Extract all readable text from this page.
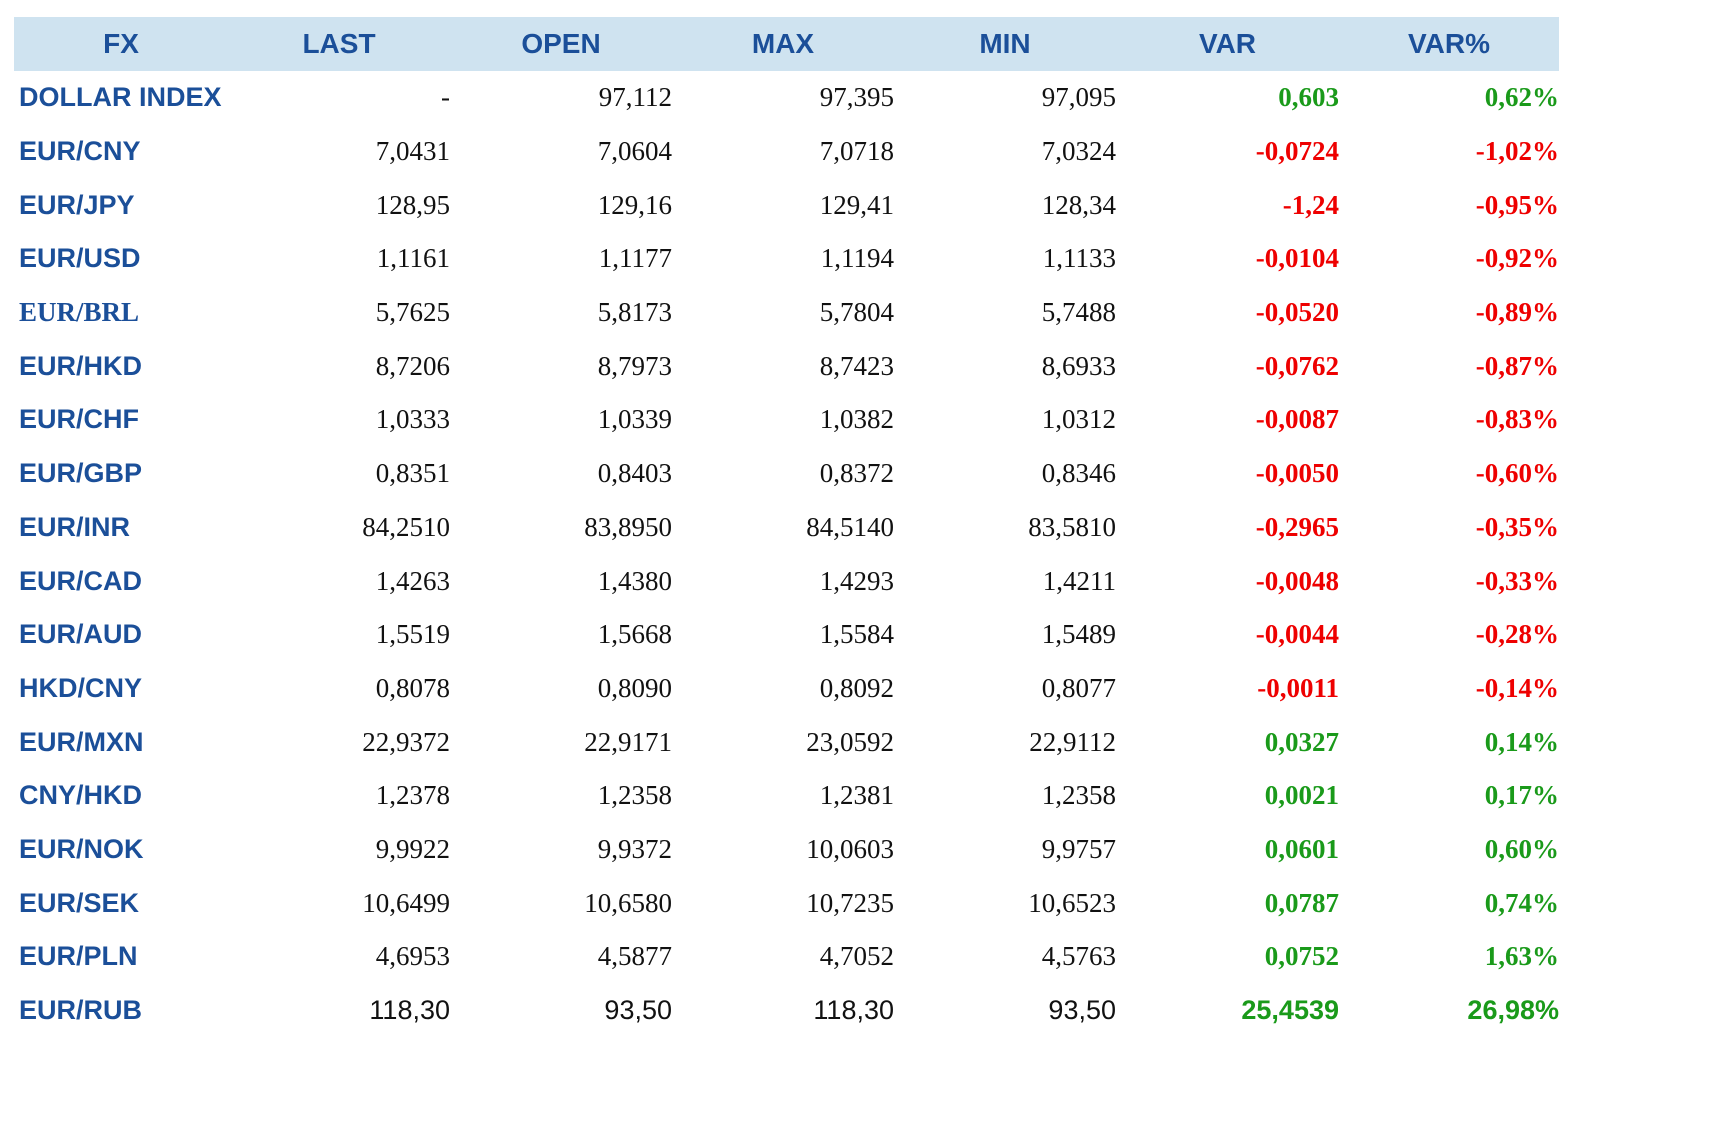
FX	LAST	OPEN	MAX	MIN	VAR	VAR%
DOLLAR INDEX	-	97,112	97,395	97,095	0,603	0,62%
EUR/CNY	7,0431	7,0604	7,0718	7,0324	-0,0724	-1,02%
EUR/JPY	128,95	129,16	129,41	128,34	-1,24	-0,95%
EUR/USD	1,1161	1,1177	1,1194	1,1133	-0,0104	-0,92%
EUR/BRL	5,7625	5,8173	5,7804	5,7488	-0,0520	-0,89%
EUR/HKD	8,7206	8,7973	8,7423	8,6933	-0,0762	-0,87%
EUR/CHF	1,0333	1,0339	1,0382	1,0312	-0,0087	-0,83%
EUR/GBP	0,8351	0,8403	0,8372	0,8346	-0,0050	-0,60%
EUR/INR	84,2510	83,8950	84,5140	83,5810	-0,2965	-0,35%
EUR/CAD	1,4263	1,4380	1,4293	1,4211	-0,0048	-0,33%
EUR/AUD	1,5519	1,5668	1,5584	1,5489	-0,0044	-0,28%
HKD/CNY	0,8078	0,8090	0,8092	0,8077	-0,0011	-0,14%
EUR/MXN	22,9372	22,9171	23,0592	22,9112	0,0327	0,14%
CNY/HKD	1,2378	1,2358	1,2381	1,2358	0,0021	0,17%
EUR/NOK	9,9922	9,9372	10,0603	9,9757	0,0601	0,60%
EUR/SEK	10,6499	10,6580	10,7235	10,6523	0,0787	0,74%
EUR/PLN	4,6953	4,5877	4,7052	4,5763	0,0752	1,63%
EUR/RUB	118,30	93,50	118,30	93,50	25,4539	26,98%
